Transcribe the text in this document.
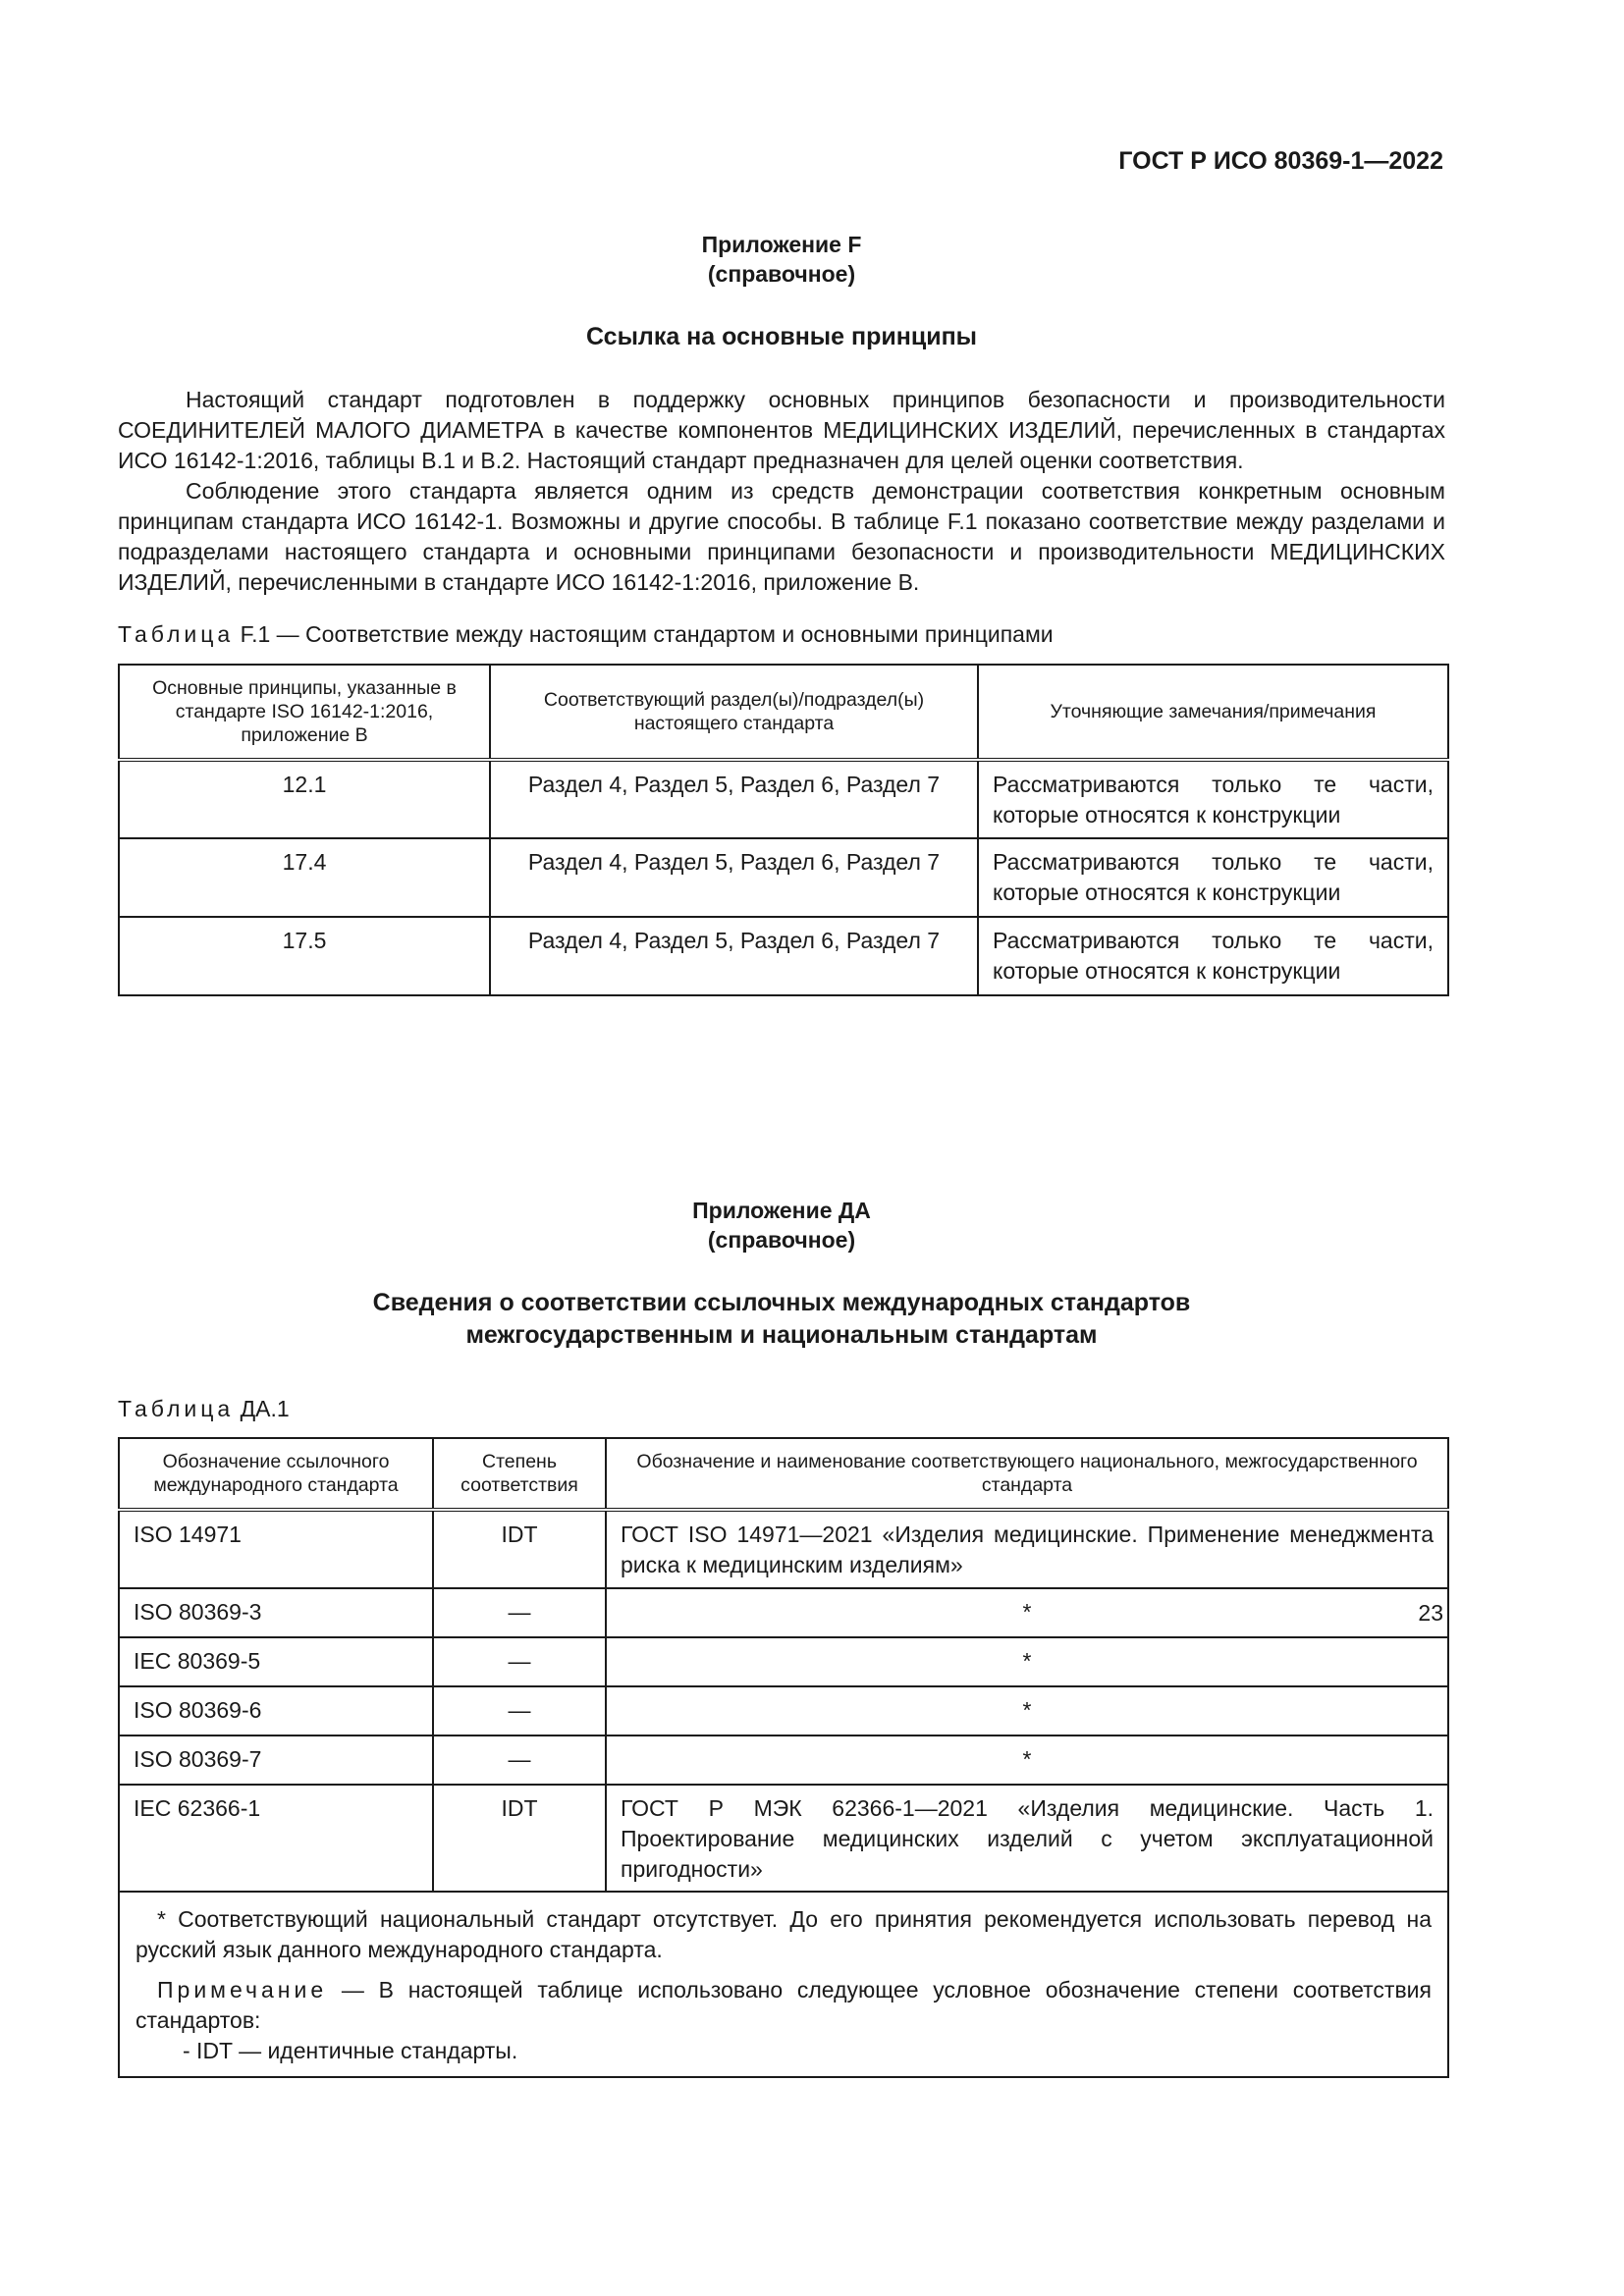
ГОСТ Р ИСО 80369-1—2022
Приложение F
(справочное)
Ссылка на основные принципы

Настоящий стандарт подготовлен в поддержку основных принципов безопасности и производительности СОЕДИНИТЕЛЕЙ МАЛОГО ДИАМЕТРА в качестве компонентов МЕДИЦИНСКИХ ИЗДЕЛИЙ, перечисленных в стандартах ИСО 16142-1:2016, таблицы В.1 и В.2. Настоящий стандарт предназначен для целей оценки соответствия.

Соблюдение этого стандарта является одним из средств демонстрации соответствия конкретным основным принципам стандарта ИСО 16142-1. Возможны и другие способы. В таблице F.1 показано соответствие между разделами и подразделами настоящего стандарта и основными принципами безопасности и производительности МЕДИЦИНСКИХ ИЗДЕЛИЙ, перечисленными в стандарте ИСО 16142-1:2016, приложение В.

Таблица F.1 — Соответствие между настоящим стандартом и основными принципами
Основные принципы, указанные в стандарте ISO 16142-1:2016, приложение В	Соответствующий раздел(ы)/подраздел(ы) настоящего стандарта	Уточняющие замечания/примечания
12.1	Раздел 4, Раздел 5, Раздел 6, Раздел 7	Рассматриваются только те части, которые относятся к конструкции
17.4	Раздел 4, Раздел 5, Раздел 6, Раздел 7	Рассматриваются только те части, которые относятся к конструкции
17.5	Раздел 4, Раздел 5, Раздел 6, Раздел 7	Рассматриваются только те части, которые относятся к конструкции
Приложение ДА
(справочное)
Сведения о соответствии ссылочных международных стандартов
межгосударственным и национальным стандартам
Таблица ДА.1
Обозначение ссылочного международного стандарта	Степень соответствия	Обозначение и наименование соответствующего национального, межгосударственного стандарта
ISO 14971	IDT	ГОСТ ISO 14971—2021 «Изделия медицинские. Применение менеджмента риска к медицинским изделиям»
ISO 80369-3	—	*
IEC 80369-5	—	*
ISO 80369-6	—	*
ISO 80369-7	—	*
IEC 62366-1	IDT	ГОСТ Р МЭК 62366-1—2021 «Изделия медицинские. Часть 1. Проектирование медицинских изделий с учетом эксплуатационной пригодности»

* Соответствующий национальный стандарт отсутствует. До его принятия рекомендуется использовать перевод на русский язык данного международного стандарта.

Примечание — В настоящей таблице использовано следующее условное обозначение степени соответствия стандартов:

- IDT — идентичные стандарты.		

23
